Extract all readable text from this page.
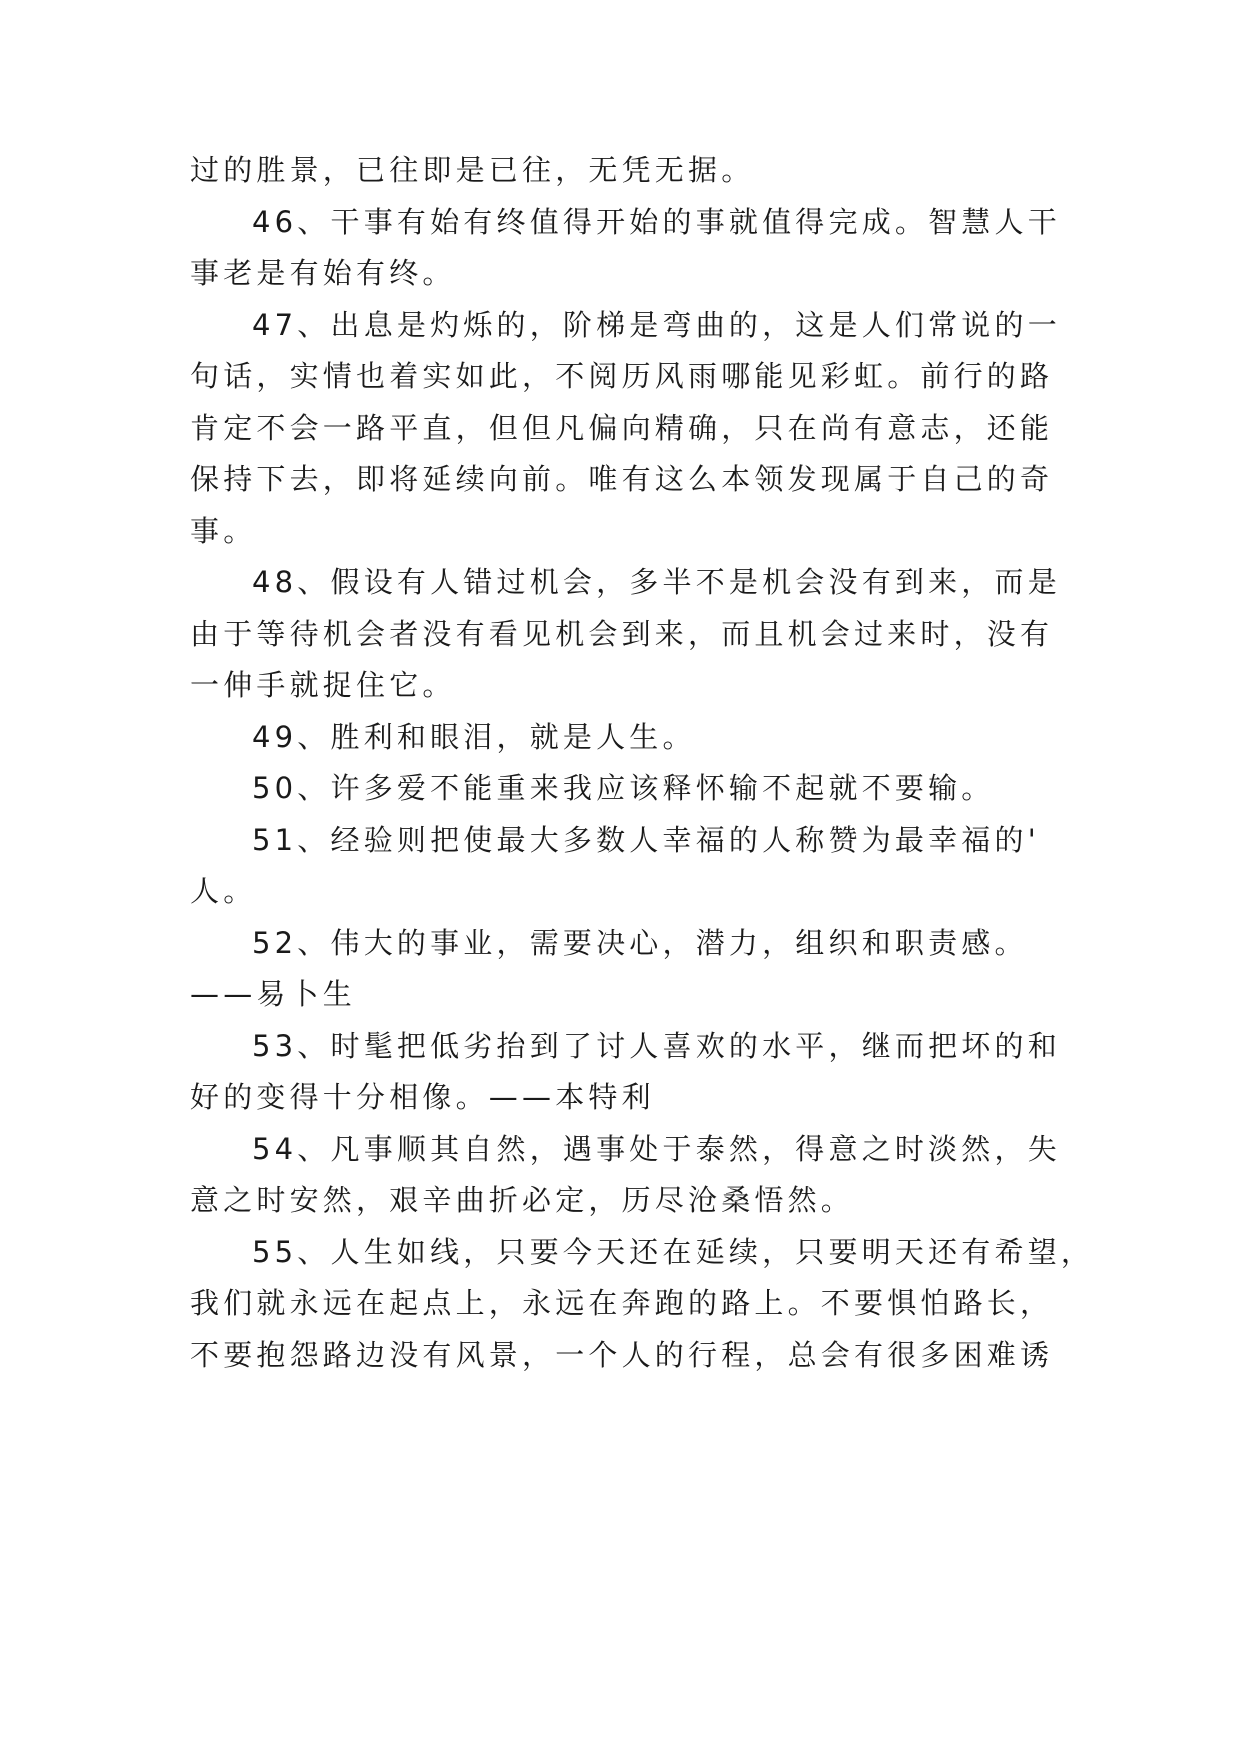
过的胜景，已往即是已往，无凭无据。
46、干事有始有终值得开始的事就值得完成。智慧人干
事老是有始有终。
47、出息是灼烁的，阶梯是弯曲的，这是人们常说的一
句话，实情也着实如此，不阅历风雨哪能见彩虹。前行的路
肯定不会一路平直，但但凡偏向精确，只在尚有意志，还能
保持下去，即将延续向前。唯有这么本领发现属于自己的奇
事。
48、假设有人错过机会，多半不是机会没有到来，而是
由于等待机会者没有看见机会到来，而且机会过来时，没有
一伸手就捉住它。
49、胜利和眼泪，就是人生。
50、许多爱不能重来我应该释怀输不起就不要输。
51、经验则把使最大多数人幸福的人称赞为最幸福的'
人。
52、伟大的事业，需要决心，潜力，组织和职责感。
——易卜生
53、时髦把低劣抬到了讨人喜欢的水平，继而把坏的和
好的变得十分相像。——本特利
54、凡事顺其自然，遇事处于泰然，得意之时淡然，失
意之时安然，艰辛曲折必定，历尽沧桑悟然。
55、人生如线，只要今天还在延续，只要明天还有希望，
我们就永远在起点上，永远在奔跑的路上。不要惧怕路长，
不要抱怨路边没有风景，一个人的行程，总会有很多困难诱
